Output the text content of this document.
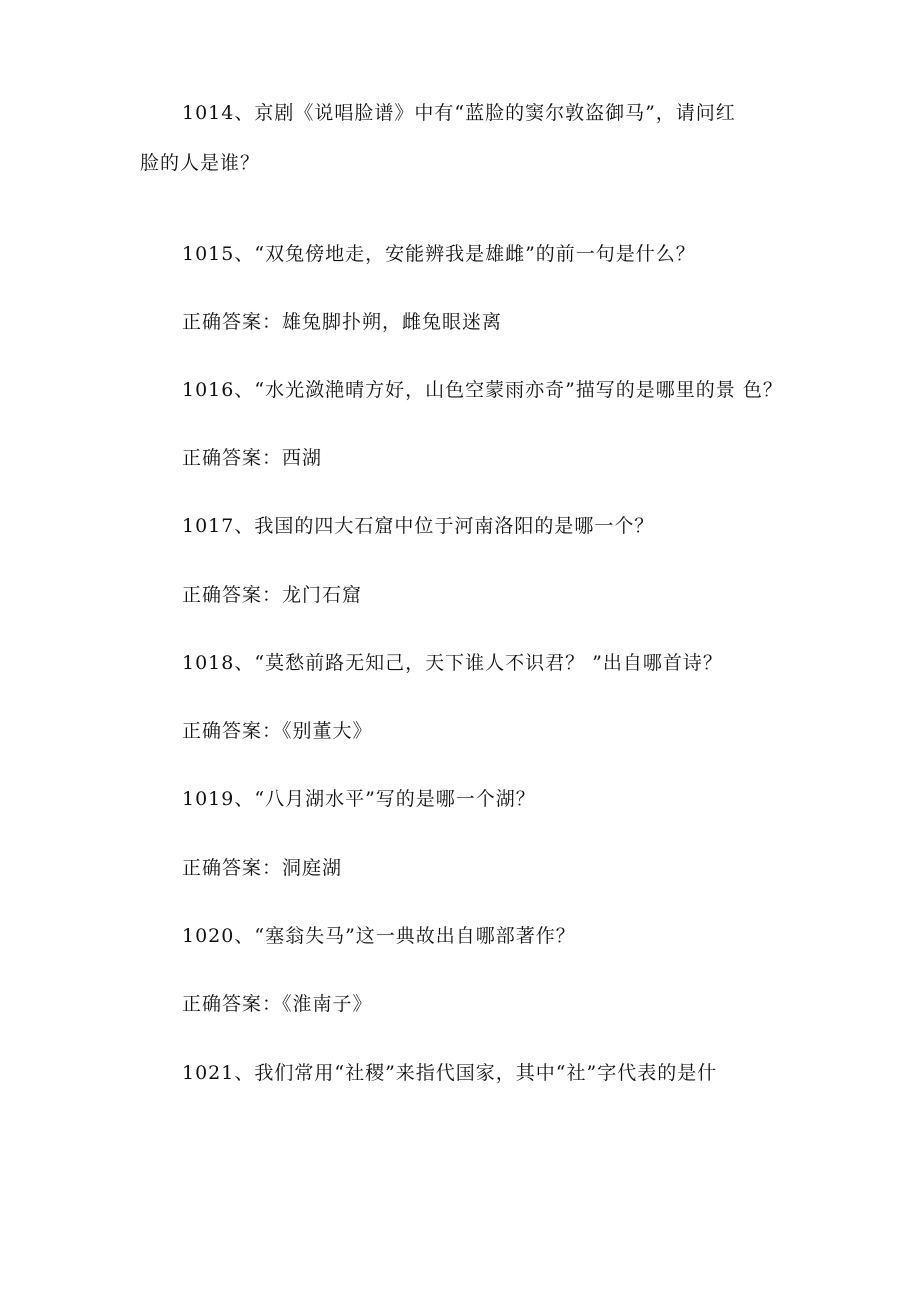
1014、京剧《说唱脸谱》中有“蓝脸的窦尔敦盗御马”，请问红
脸的人是谁？
1015、“双兔傍地走，安能辨我是雄雌”的前一句是什么？
正确答案：雄兔脚扑朔，雌兔眼迷离
1016、“水光潋滟晴方好，山色空蒙雨亦奇”描写的是哪里的景 色？
正确答案：西湖
1017、我国的四大石窟中位于河南洛阳的是哪一个？
正确答案：龙门石窟
1018、“莫愁前路无知己，天下谁人不识君？ ”出自哪首诗？
正确答案：《别董大》
1019、“八月湖水平”写的是哪一个湖？
正确答案：洞庭湖
1020、“塞翁失马”这一典故出自哪部著作？
正确答案：《淮南子》
1021、我们常用“社稷”来指代国家，其中“社”字代表的是什
